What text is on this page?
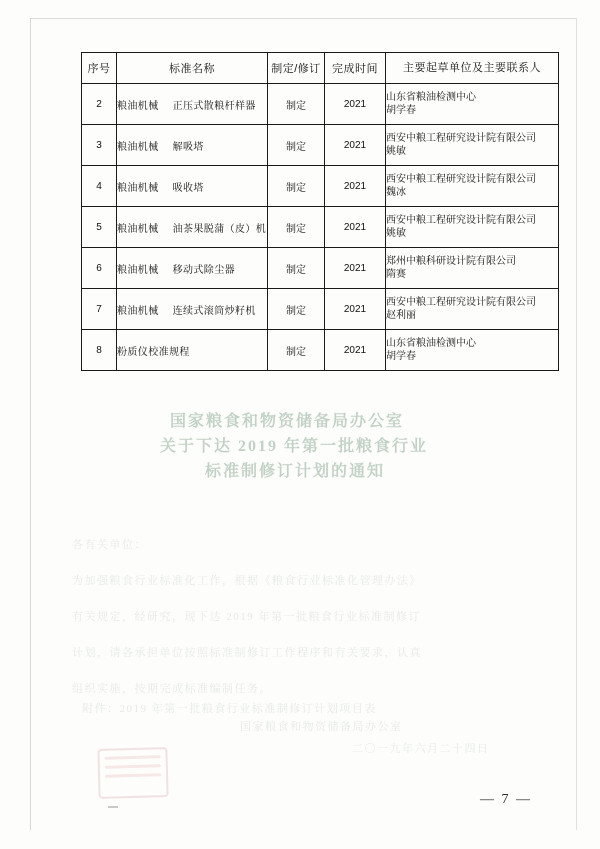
国家粮食和物资储备局办公室
关于下达 2019 年第一批粮食行业
标准制修订计划的通知
各有关单位：
为加强粮食行业标准化工作，根据《粮食行业标准化管理办法》
有关规定，经研究，现下达 2019 年第一批粮食行业标准制修订
计划，请各承担单位按照标准制修订工作程序和有关要求，认真
组织实施，按期完成标准编制任务。
附件：2019 年第一批粮食行业标准制修订计划项目表
国家粮食和物资储备局办公室
二〇一九年六月二十四日
序号	标准名称	制定/修订	完成时间	主要起草单位及主要联系人
2	粮油机械 正压式散粮杆样器	制定	2021	山东省粮油检测中心
胡学春

3	粮油机械 解吸塔	制定	2021	西安中粮工程研究设计院有限公司
姚敏

4	粮油机械 吸收塔	制定	2021	西安中粮工程研究设计院有限公司
魏冰

5	粮油机械 油茶果脱蒲（皮）机	制定	2021	西安中粮工程研究设计院有限公司
姚敏

6	粮油机械 移动式除尘器	制定	2021	郑州中粮科研设计院有限公司
隋赛

7	粮油机械 连续式滚筒炒籽机	制定	2021	西安中粮工程研究设计院有限公司
赵利丽

8	粉质仪校准规程	制定	2021	山东省粮油检测中心
胡学春
— 7 —
